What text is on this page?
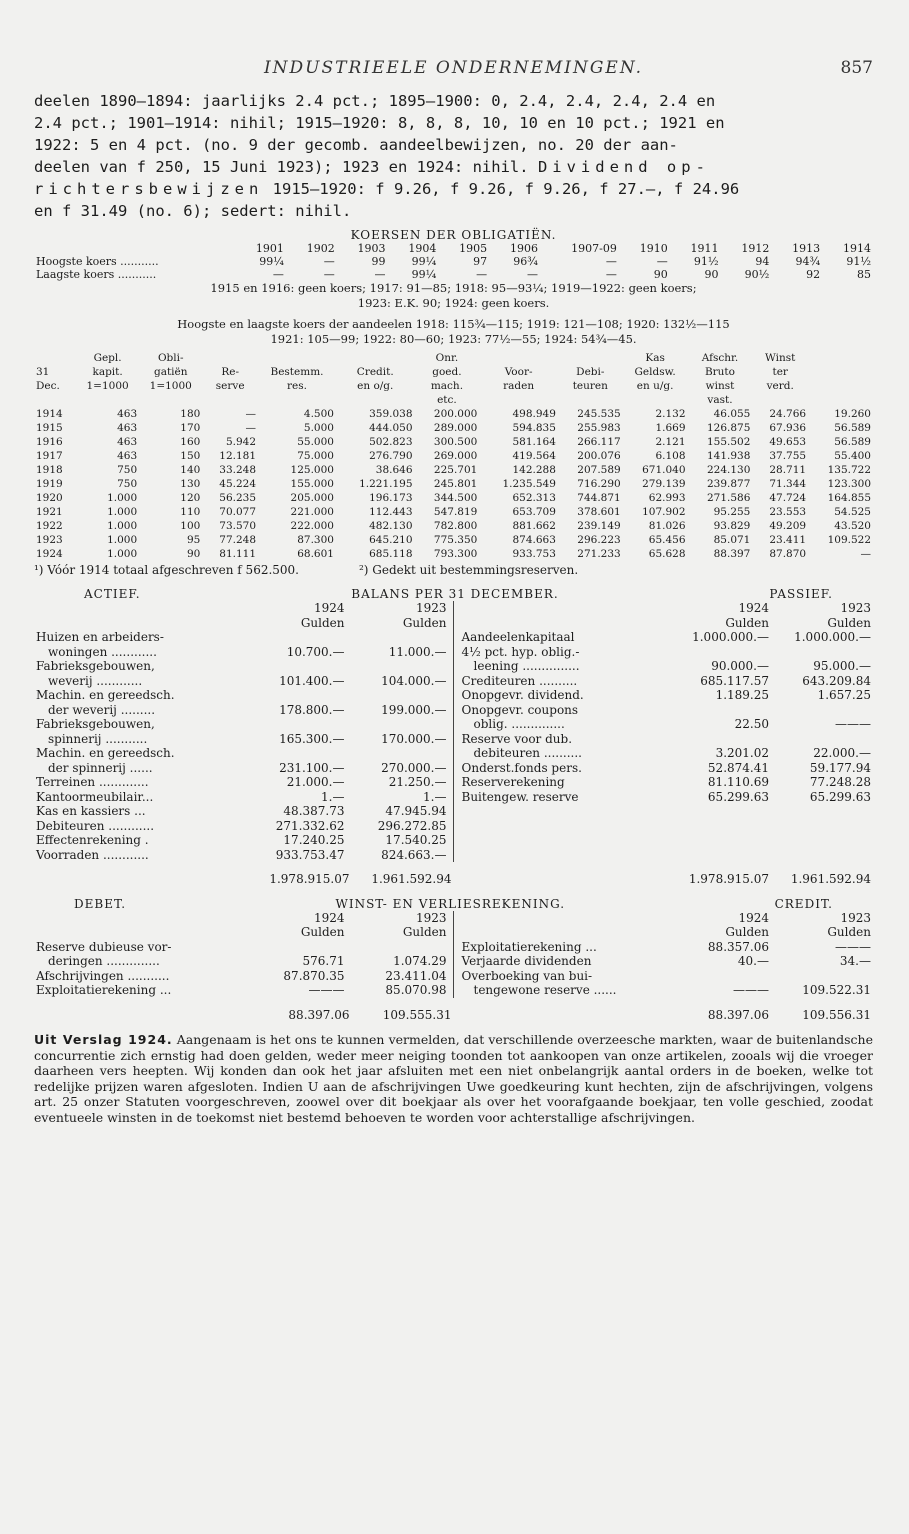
INDUSTRIEELE ONDERNEMINGEN.	857

deelen 1890—1894: jaarlijks 2.4 pct.; 1895—1900: 0, 2.4, 2.4, 2.4, 2.4 en

2.4 pct.; 1901—1914: nihil; 1915—1920: 8, 8, 8, 10, 10 en 10 pct.; 1921 en

1922: 5 en 4 pct. (no. 9 der gecomb. aandeelbewijzen, no. 20 der aan-

deelen van f 250, 15 Juni 1923); 1923 en 1924: nihil. Dividend op-

richtersbewijzen 1915—1920: f 9.26, f 9.26, f 9.26, f 27.—, f 24.96

en f 31.49 (no. 6); sedert: nihil.

KOERSEN DER OBLIGATIËN.
	1901	1902	1903	1904	1905	1906	1907-09	1910	1911	1912	1913	1914
Hoogste koers ...........	99¼	—	99	99¼	97	96¾	—	—	91½	94	94¾	91½
Laagste koers ...........	—	—	—	99¼	—	—	—	90	90	90½	92	85
1915 en 1916: geen koers; 1917: 91—85; 1918: 95—93¼; 1919—1922: geen koers;
1923: E.K. 90; 1924: geen koers.
Hoogste en laagste koers der aandeelen 1918: 115¾—115; 1919: 121—108; 1920: 132½—115
1921: 105—99; 1922: 80—60; 1923: 77½—55; 1924: 54¾—45.
	Gepl.	Obli-				Onr.			Kas	Afschr.	Winst	
31	kapit.	gatiën	Re-	Bestemm.	Credit.	goed.	Voor-	Debi-	Geldsw.	Bruto	ter	
Dec.	1=1000	1=1000	serve	res.	en o/g.	mach.	raden	teuren	en u/g.	winst	verd.	
						etc.				vast.		
1914	463	180	—	4.500	359.038	200.000	498.949	245.535	2.132	46.055	24.766	19.260
1915	463	170	—	5.000	444.050	289.000	594.835	255.983	1.669	126.875	67.936	56.589
1916	463	160	5.942	55.000	502.823	300.500	581.164	266.117	2.121	155.502	49.653	56.589
1917	463	150	12.181	75.000	276.790	269.000	419.564	200.076	6.108	141.938	37.755	55.400
1918	750	140	33.248	125.000	38.646	225.701	142.288	207.589	671.040	224.130	28.711	135.722
1919	750	130	45.224	155.000	1.221.195	245.801	1.235.549	716.290	279.139	239.877	71.344	123.300
1920	1.000	120	56.235	205.000	196.173	344.500	652.313	744.871	62.993	271.586	47.724	164.855
1921	1.000	110	70.077	221.000	112.443	547.819	653.709	378.601	107.902	95.255	23.553	54.525
1922	1.000	100	73.570	222.000	482.130	782.800	881.662	239.149	81.026	93.829	49.209	43.520
1923	1.000	95	77.248	87.300	645.210	775.350	874.663	296.223	65.456	85.071	23.411	109.522
1924	1.000	90	81.111	68.601	685.118	793.300	933.753	271.233	65.628	88.397	87.870	—
¹) Vóór 1914 totaal afgeschreven f 562.500.	²) Gedekt uit bestemmingsreserven.
ACTIEF.	BALANS PER 31 DECEMBER.	PASSIEF.
	1924	1923
	Gulden	Gulden
Huizen en arbeiders-		
woningen ............	10.700.—	11.000.—
Fabrieksgebouwen,		
weverij ............	101.400.—	104.000.—
Machin. en gereedsch.		
der weverij .........	178.800.—	199.000.—
Fabrieksgebouwen,		
spinnerij ...........	165.300.—	170.000.—
Machin. en gereedsch.		
der spinnerij ......	231.100.—	270.000.—
Terreinen .............	21.000.—	21.250.—
Kantoormeubilair...	1.—	1.—
Kas en kassiers ...	48.387.73	47.945.94
Debiteuren ............	271.332.62	296.272.85
Effectenrekening .	17.240.25	17.540.25
Voorraden ............	933.753.47	824.663.—
	1924	1923
	Gulden	Gulden
Aandeelenkapitaal	1.000.000.—	1.000.000.—
4½ pct. hyp. oblig.-		
leening ...............	90.000.—	95.000.—
Crediteuren ..........	685.117.57	643.209.84
Onopgevr. dividend.	1.189.25	1.657.25
Onopgevr. coupons		
oblig. ..............	22.50	———
Reserve voor dub.		
debiteuren ..........	3.201.02	22.000.—
Onderst.fonds pers.	52.874.41	59.177.94
Reserverekening	81.110.69	77.248.28
Buitengew. reserve	65.299.63	65.299.63
	1.978.915.07	1.961.592.94
		1.978.915.07	1.961.592.94
DEBET.	WINST- EN VERLIESREKENING.	CREDIT.
	1924	1923
	Gulden	Gulden
Reserve dubieuse vor-		
deringen ..............	576.71	1.074.29
Afschrijvingen ...........	87.870.35	23.411.04
Exploitatierekening ...	———	85.070.98
	1924	1923
	Gulden	Gulden
Exploitatierekening ...	88.357.06	———
Verjaarde dividenden	40.—	34.—
Overboeking van bui-		
tengewone reserve ......	———	109.522.31
	88.397.06	109.555.31
		88.397.06	109.556.31
Uit Verslag 1924. Aangenaam is het ons te kunnen vermelden, dat verschillende overzeesche markten, waar de buitenlandsche concurrentie zich ernstig had doen gelden, weder meer neiging toonden tot aankoopen van onze artikelen, zooals wij die vroeger daarheen vers heepten. Wij konden dan ook het jaar afsluiten met een niet onbelangrijk aantal orders in de boeken, welke tot redelijke prijzen waren afgesloten. Indien U aan de afschrijvingen Uwe goedkeuring kunt hechten, zijn de afschrijvingen, volgens art. 25 onzer Statuten voorgeschreven, zoowel over dit boekjaar als over het voorafgaande boekjaar, ten volle geschied, zoodat eventueele winsten in de toekomst niet bestemd behoeven te worden voor achterstallige afschrijvingen.
